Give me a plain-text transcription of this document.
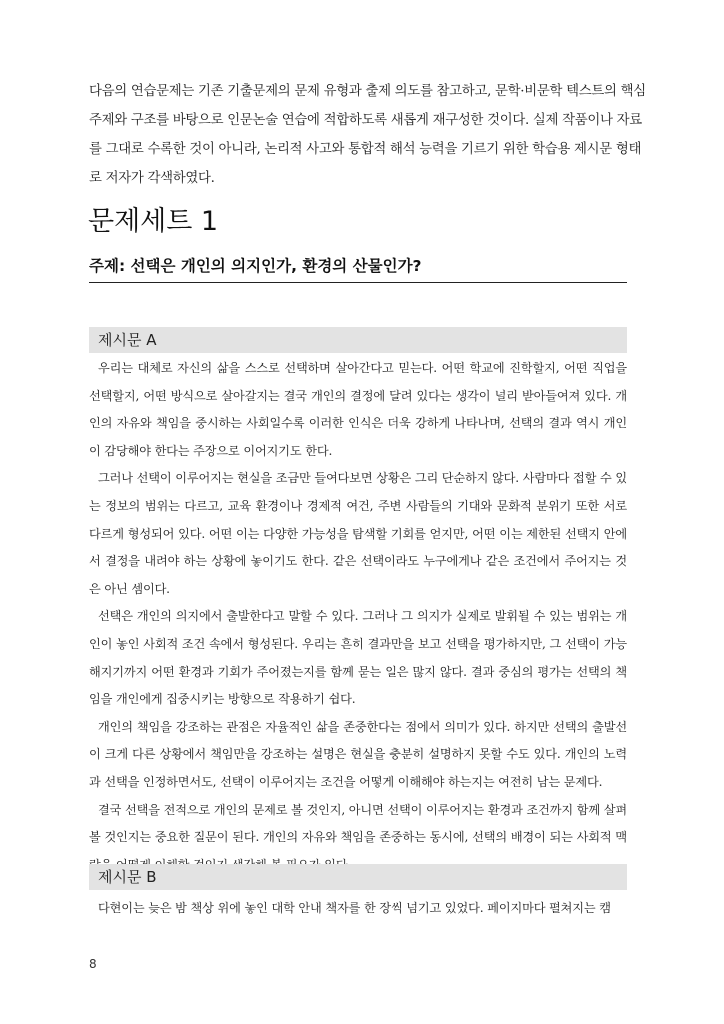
다음의 연습문제는 기존 기출문제의 문제 유형과 출제 의도를 참고하고, 문학·비문학 텍스트의 핵심 주제와 구조를 바탕으로 인문논술 연습에 적합하도록 새롭게 재구성한 것이다. 실제 작품이나 자료를 그대로 수록한 것이 아니라, 논리적 사고와 통합적 해석 능력을 기르기 위한 학습용 제시문 형태로 저자가 각색하였다.
문제세트 1
주제: 선택은 개인의 의지인가, 환경의 산물인가?
제시문 A

우리는 대체로 자신의 삶을 스스로 선택하며 살아간다고 믿는다. 어떤 학교에 진학할지, 어떤 직업을 선택할지, 어떤 방식으로 살아갈지는 결국 개인의 결정에 달려 있다는 생각이 널리 받아들여져 있다. 개인의 자유와 책임을 중시하는 사회일수록 이러한 인식은 더욱 강하게 나타나며, 선택의 결과 역시 개인이 감당해야 한다는 주장으로 이어지기도 한다.

그러나 선택이 이루어지는 현실을 조금만 들여다보면 상황은 그리 단순하지 않다. 사람마다 접할 수 있는 정보의 범위는 다르고, 교육 환경이나 경제적 여건, 주변 사람들의 기대와 문화적 분위기 또한 서로 다르게 형성되어 있다. 어떤 이는 다양한 가능성을 탐색할 기회를 얻지만, 어떤 이는 제한된 선택지 안에서 결정을 내려야 하는 상황에 놓이기도 한다. 같은 선택이라도 누구에게나 같은 조건에서 주어지는 것은 아닌 셈이다.

선택은 개인의 의지에서 출발한다고 말할 수 있다. 그러나 그 의지가 실제로 발휘될 수 있는 범위는 개인이 놓인 사회적 조건 속에서 형성된다. 우리는 흔히 결과만을 보고 선택을 평가하지만, 그 선택이 가능해지기까지 어떤 환경과 기회가 주어졌는지를 함께 묻는 일은 많지 않다. 결과 중심의 평가는 선택의 책임을 개인에게 집중시키는 방향으로 작용하기 쉽다.

개인의 책임을 강조하는 관점은 자율적인 삶을 존중한다는 점에서 의미가 있다. 하지만 선택의 출발선이 크게 다른 상황에서 책임만을 강조하는 설명은 현실을 충분히 설명하지 못할 수도 있다. 개인의 노력과 선택을 인정하면서도, 선택이 이루어지는 조건을 어떻게 이해해야 하는지는 여전히 남는 문제다.

결국 선택을 전적으로 개인의 문제로 볼 것인지, 아니면 선택이 이루어지는 환경과 조건까지 함께 살펴볼 것인지는 중요한 질문이 된다. 개인의 자유와 책임을 존중하는 동시에, 선택의 배경이 되는 사회적 맥

제시문 B

다현이는 늦은 밤 책상 위에 놓인 대학 안내 책자를 한 장씩 넘기고 있었다. 페이지마다 펼쳐지는 캠

8
